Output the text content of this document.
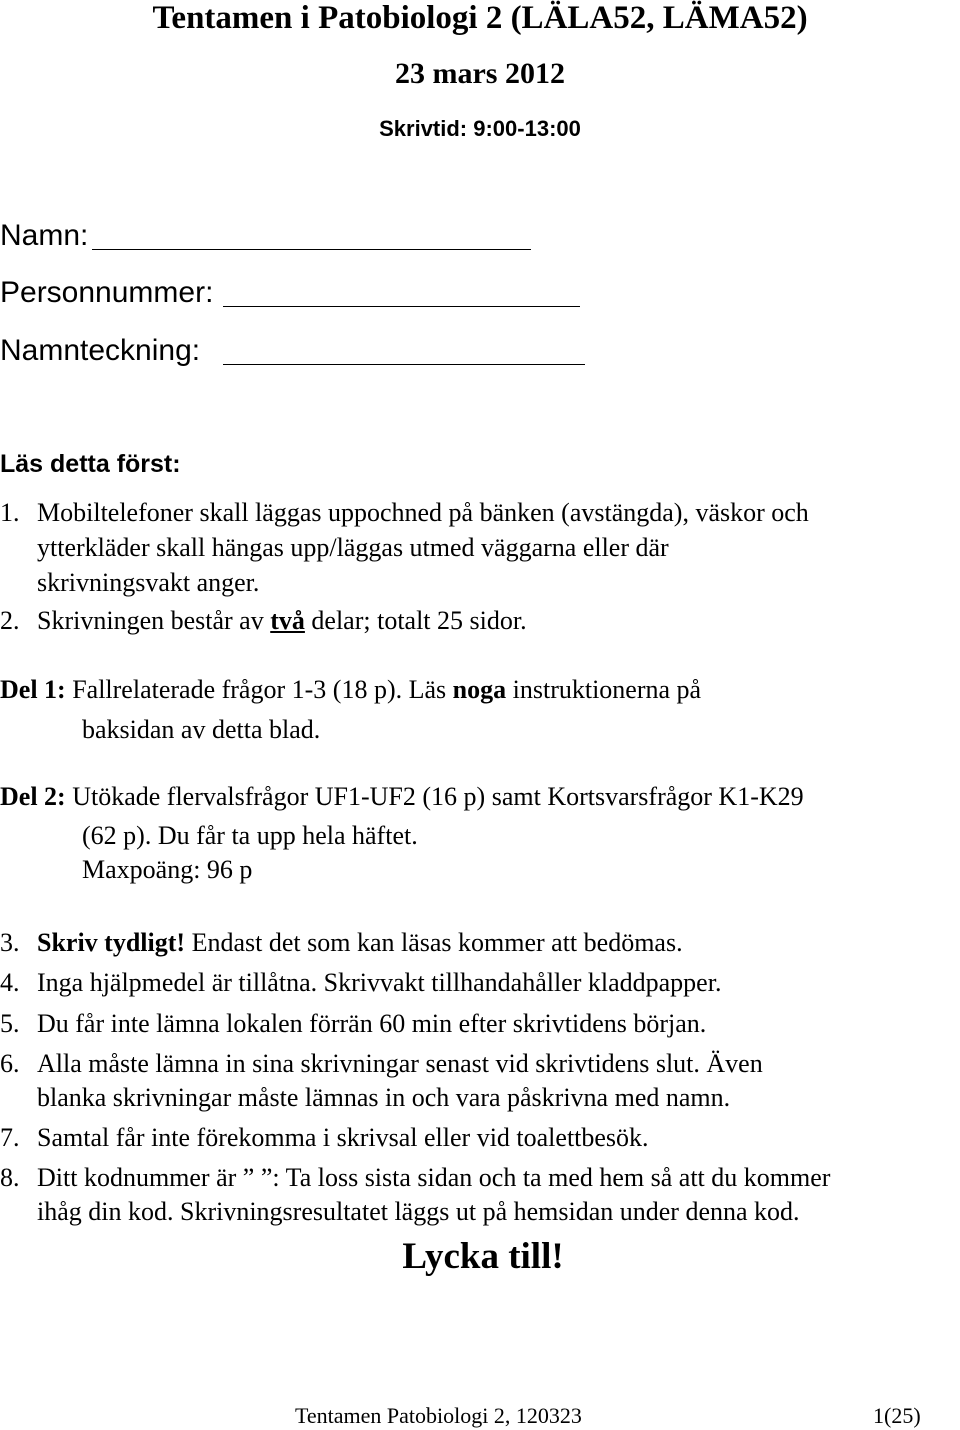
Tentamen i Patobiologi 2 (LÄLA52, LÄMA52)
23 mars 2012
Skrivtid: 9:00-13:00
Namn:
Personnummer:
Namnteckning:
Läs detta först:
1. Mobiltelefoner skall läggas uppochned på bänken (avstängda), väskor och
ytterkläder skall hängas upp/läggas utmed väggarna eller där
skrivningsvakt anger.
2. Skrivningen består av två delar; totalt 25 sidor.
Del 1: Fallrelaterade frågor 1-3 (18 p). Läs noga instruktionerna på
baksidan av detta blad.
Del 2: Utökade flervalsfrågor UF1-UF2 (16 p) samt Kortsvarsfrågor K1-K29
(62 p). Du får ta upp hela häftet.
Maxpoäng: 96 p
3. Skriv tydligt! Endast det som kan läsas kommer att bedömas.
4. Inga hjälpmedel är tillåtna. Skrivvakt tillhandahåller kladdpapper.
5. Du får inte lämna lokalen förrän 60 min efter skrivtidens början.
6. Alla måste lämna in sina skrivningar senast vid skrivtidens slut. Även
blanka skrivningar måste lämnas in och vara påskrivna med namn.
7. Samtal får inte förekomma i skrivsal eller vid toalettbesök.
8. Ditt kodnummer är ” ”: Ta loss sista sidan och ta med hem så att du kommer
ihåg din kod. Skrivningsresultatet läggs ut på hemsidan under denna kod.
Lycka till!
Tentamen Patobiologi 2, 120323	1(25)
